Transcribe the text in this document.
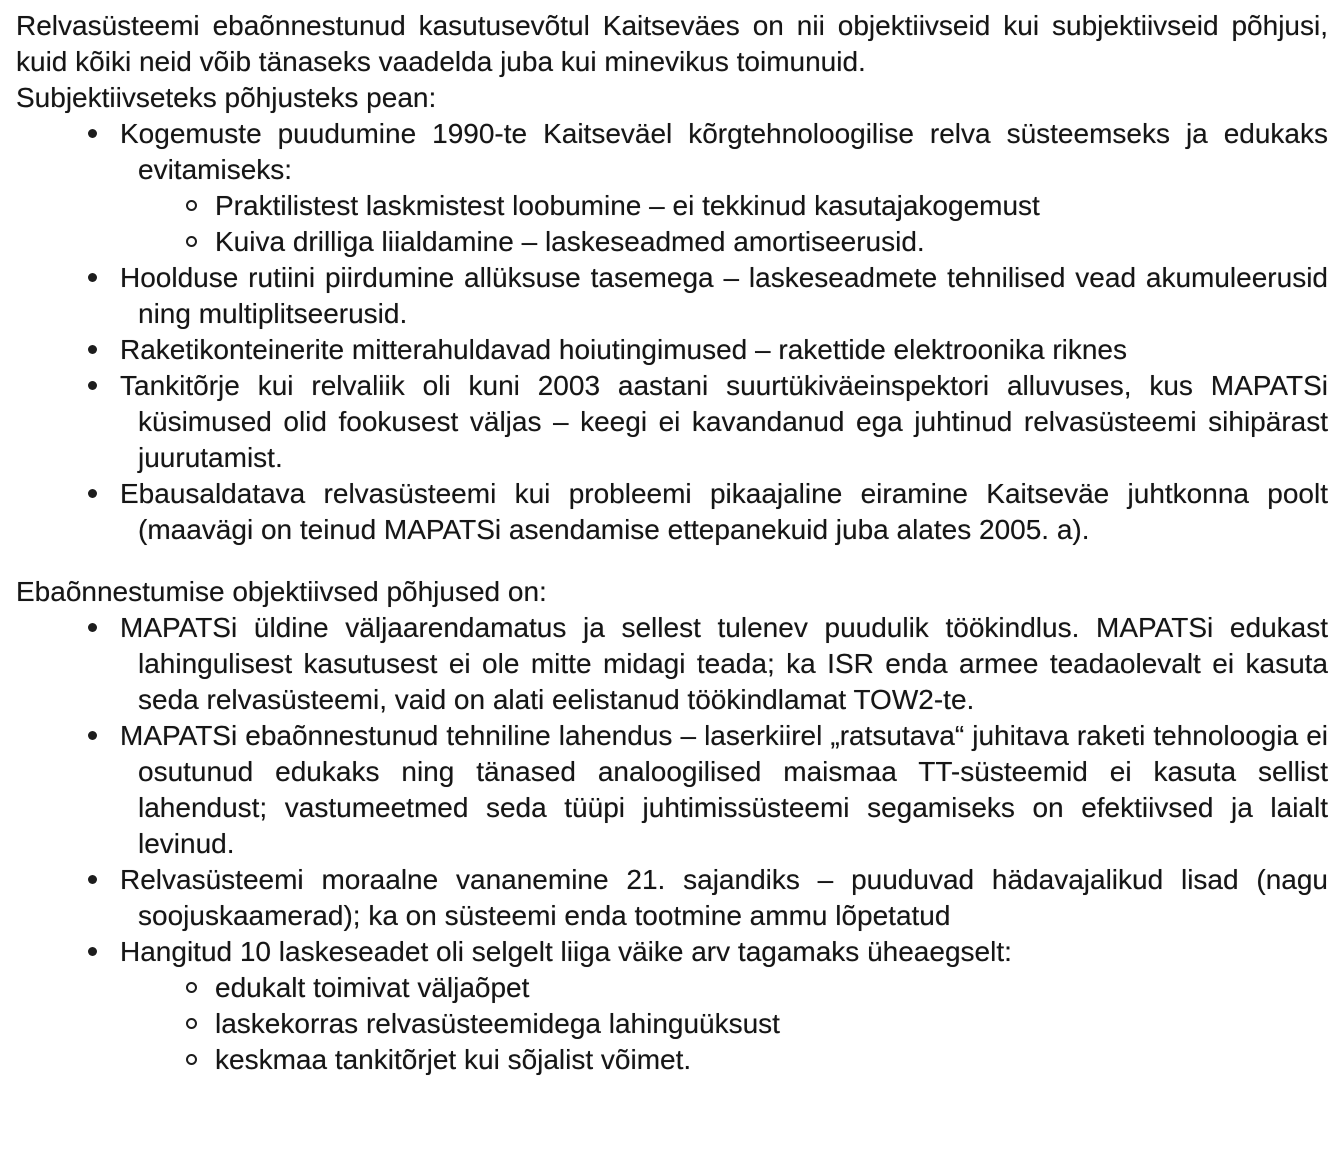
Relvasüsteemi ebaõnnestunud kasutusevõtul Kaitseväes on nii objektiivseid kui subjektiivseid põhjusi, kuid kõiki neid võib tänaseks vaadelda juba kui minevikus toimunuid.

Subjektiivseteks põhjusteks pean:

Kogemuste puudumine 1990-te Kaitseväel kõrgtehnoloogilise relva süsteemseks ja edukaks evitamiseks:
Praktilistest laskmistest loobumine – ei tekkinud kasutajakogemust
Kuiva drilliga liialdamine – laskeseadmed amortiseerusid.
Hoolduse rutiini piirdumine allüksuse tasemega – laskeseadmete tehnilised vead akumuleerusid ning multiplitseerusid.
Raketikonteinerite mitterahuldavad hoiutingimused – rakettide elektroonika riknes
Tankitõrje kui relvaliik oli kuni 2003 aastani suurtükiväeinspektori alluvuses, kus MAPATSi küsimused olid fookusest väljas – keegi ei kavandanud ega juhtinud relvasüsteemi sihipärast juurutamist.
Ebausaldatava relvasüsteemi kui probleemi pikaajaline eiramine Kaitseväe juhtkonna poolt (maavägi on teinud MAPATSi asendamise ettepanekuid juba alates 2005. a).

Ebaõnnestumise objektiivsed põhjused on:

MAPATSi üldine väljaarendamatus ja sellest tulenev puudulik töökindlus. MAPATSi edukast lahingulisest kasutusest ei ole mitte midagi teada; ka ISR enda armee teadaolevalt ei kasuta seda relvasüsteemi, vaid on alati eelistanud töökindlamat TOW2-te.
MAPATSi ebaõnnestunud tehniline lahendus – laserkiirel „ratsutava“ juhitava raketi tehnoloogia ei osutunud edukaks ning tänased analoogilised maismaa TT-süsteemid ei kasuta sellist lahendust; vastumeetmed seda tüüpi juhtimissüsteemi segamiseks on efektiivsed ja laialt levinud.
Relvasüsteemi moraalne vananemine 21. sajandiks – puuduvad hädavajalikud lisad (nagu soojuskaamerad); ka on süsteemi enda tootmine ammu lõpetatud
Hangitud 10 laskeseadet oli selgelt liiga väike arv tagamaks üheaegselt:
edukalt toimivat väljaõpet
laskekorras relvasüsteemidega lahinguüksust
keskmaa tankitõrjet kui sõjalist võimet.
